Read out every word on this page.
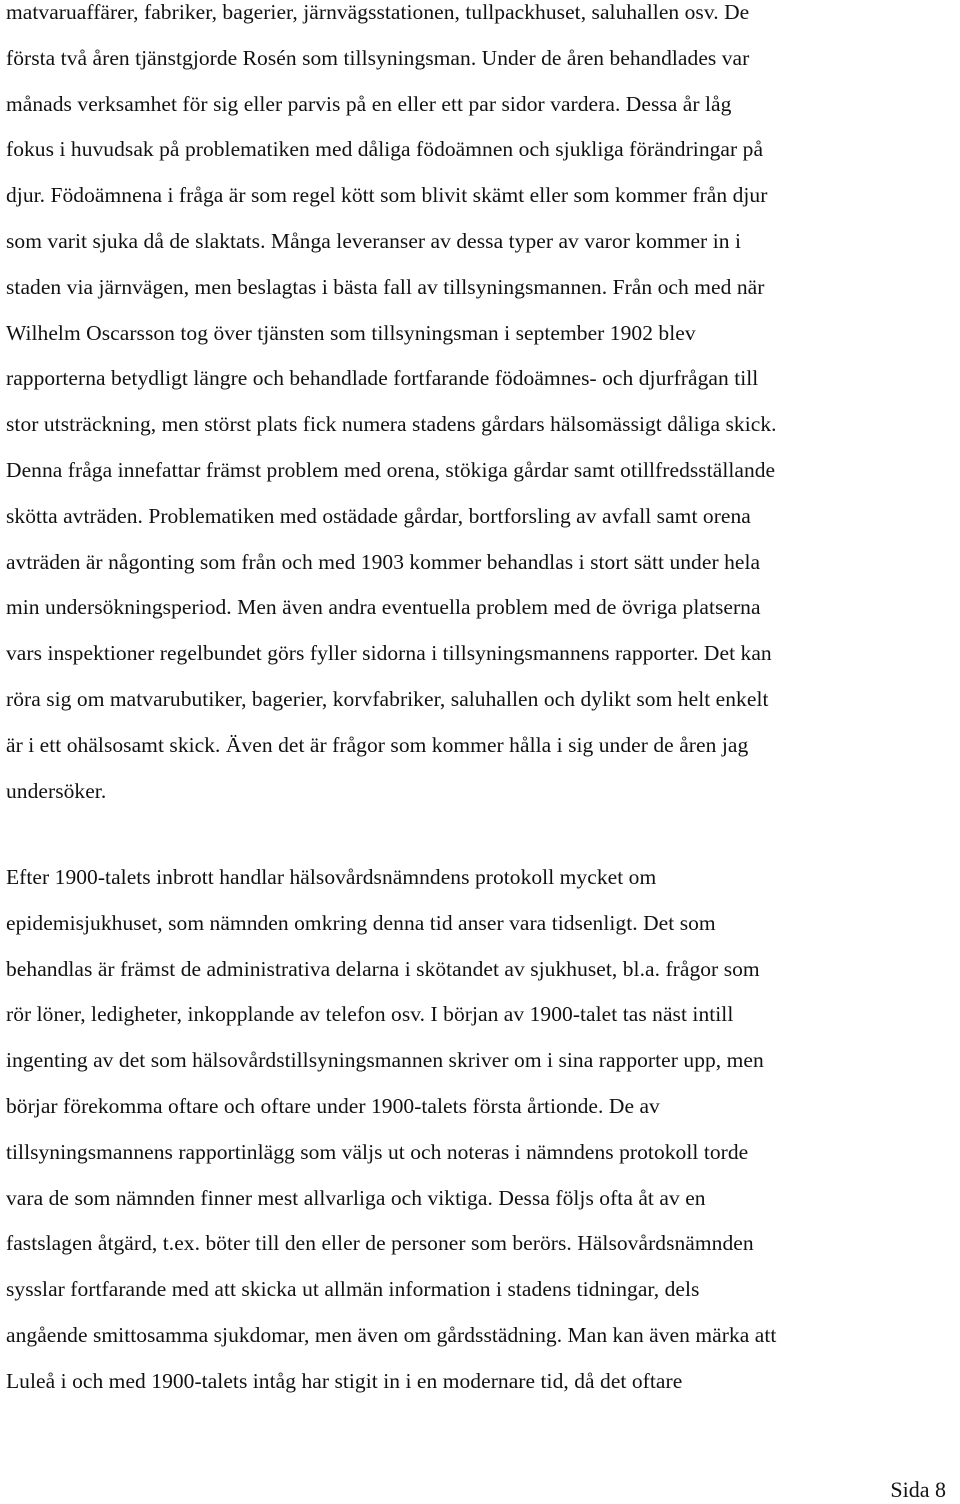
matvaruaffärer, fabriker, bagerier, järnvägsstationen, tullpackhuset, saluhallen osv. De
första två åren tjänstgjorde Rosén som tillsyningsman. Under de åren behandlades var
månads verksamhet för sig eller parvis på en eller ett par sidor vardera. Dessa år låg
fokus i huvudsak på problematiken med dåliga födoämnen och sjukliga förändringar på
djur. Födoämnena i fråga är som regel kött som blivit skämt eller som kommer från djur
som varit sjuka då de slaktats. Många leveranser av dessa typer av varor kommer in i
staden via järnvägen, men beslagtas i bästa fall av tillsyningsmannen. Från och med när
Wilhelm Oscarsson tog över tjänsten som tillsyningsman i september 1902 blev
rapporterna betydligt längre och behandlade fortfarande födoämnes- och djurfrågan till
stor utsträckning, men störst plats fick numera stadens gårdars hälsomässigt dåliga skick.
Denna fråga innefattar främst problem med orena, stökiga gårdar samt otillfredsställande
skötta avträden. Problematiken med ostädade gårdar, bortforsling av avfall samt orena
avträden är någonting som från och med 1903 kommer behandlas i stort sätt under hela
min undersökningsperiod. Men även andra eventuella problem med de övriga platserna
vars inspektioner regelbundet görs fyller sidorna i tillsyningsmannens rapporter. Det kan
röra sig om matvarubutiker, bagerier, korvfabriker, saluhallen och dylikt som helt enkelt
är i ett ohälsosamt skick. Även det är frågor som kommer hålla i sig under de åren jag
undersöker.

Efter 1900-talets inbrott handlar hälsovårdsnämndens protokoll mycket om
epidemisjukhuset, som nämnden omkring denna tid anser vara tidsenligt. Det som
behandlas är främst de administrativa delarna i skötandet av sjukhuset, bl.a. frågor som
rör löner, ledigheter, inkopplande av telefon osv. I början av 1900-talet tas näst intill
ingenting av det som hälsovårdstillsyningsmannen skriver om i sina rapporter upp, men
börjar förekomma oftare och oftare under 1900-talets första årtionde. De av
tillsyningsmannens rapportinlägg som väljs ut och noteras i nämndens protokoll torde
vara de som nämnden finner mest allvarliga och viktiga. Dessa följs ofta åt av en
fastslagen åtgärd, t.ex. böter till den eller de personer som berörs. Hälsovårdsnämnden
sysslar fortfarande med att skicka ut allmän information i stadens tidningar, dels
angående smittosamma sjukdomar, men även om gårdsstädning. Man kan även märka att
Luleå i och med 1900-talets intåg har stigit in i en modernare tid, då det oftare

Sida 8
